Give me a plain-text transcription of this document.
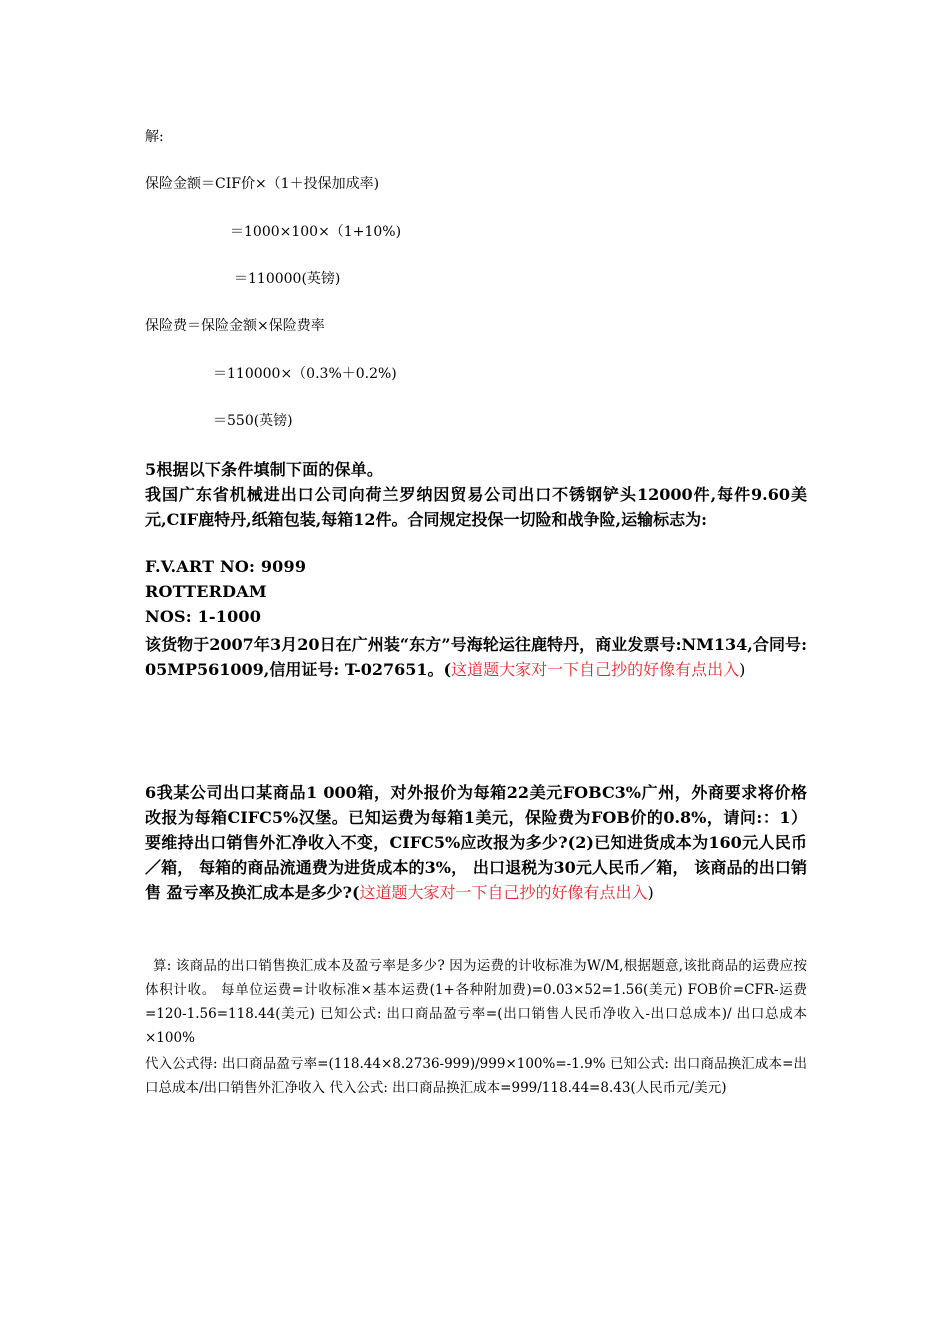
解:
保险金额＝CIF价×（1＋投保加成率)
＝1000×100×（1+10%)
＝110000(英镑)
保险费＝保险金额×保险费率
＝110000×（0.3%＋0.2%)
＝550(英镑)
5根据以下条件填制下面的保单。
我国广东省机械进出口公司向荷兰罗纳因贸易公司出口不锈钢铲头12000件,每件9.60美元,CIF鹿特丹,纸箱包装,每箱12件。合同规定投保一切险和战争险,运输标志为:
F.V.ART NO: 9099
ROTTERDAM
NOS: 1-1000
该货物于2007年3月20日在广州装“东方”号海轮运往鹿特丹，商业发票号:NM134,合同号: 05MP561009,信用证号: T-027651。(这道题大家对一下自己抄的好像有点出入)
6我某公司出口某商品1 000箱，对外报价为每箱22美元FOBC3%广州，外商要求将价格 改报为每箱CIFC5%汉堡。已知运费为每箱1美元，保险费为FOB价的0.8%，请问:：1） 要维持出口销售外汇净收入不变，CIFC5%应改报为多少?(2)已知进货成本为160元人民币 ／箱， 每箱的商品流通费为进货成本的3%， 出口退税为30元人民币／箱， 该商品的出口销售 盈亏率及换汇成本是多少?(这道题大家对一下自己抄的好像有点出入)
算: 该商品的出口销售换汇成本及盈亏率是多少? 因为运费的计收标准为W/M,根据题意,该批商品的运费应按体积计收。 每单位运费=计收标准×基本运费(1+各种附加费)=0.03×52=1.56(美元) FOB价=CFR-运费=120-1.56=118.44(美元) 已知公式: 出口商品盈亏率=(出口销售人民币净收入-出口总成本)/ 出口总成本×100%
代入公式得: 出口商品盈亏率=(118.44×8.2736-999)/999×100%=-1.9% 已知公式: 出口商品换汇成本=出口总成本/出口销售外汇净收入 代入公式: 出口商品换汇成本=999/118.44=8.43(人民币元/美元)
